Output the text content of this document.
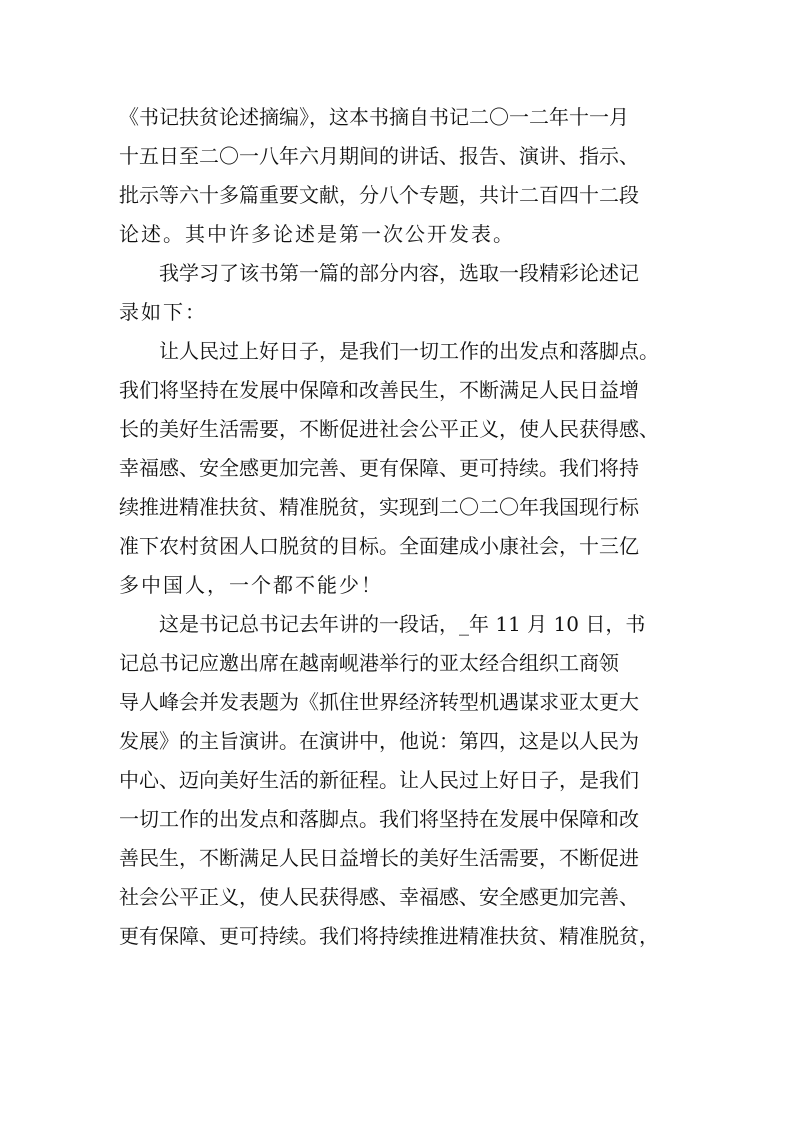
《书记扶贫论述摘编》，这本书摘自书记二〇一二年十一月
十五日至二〇一八年六月期间的讲话、报告、演讲、指示、
批示等六十多篇重要文献，分八个专题，共计二百四十二段
论述。其中许多论述是第一次公开发表。
我学习了该书第一篇的部分内容，选取一段精彩论述记
录如下：
让人民过上好日子，是我们一切工作的出发点和落脚点。
我们将坚持在发展中保障和改善民生，不断满足人民日益增
长的美好生活需要，不断促进社会公平正义，使人民获得感、
幸福感、安全感更加完善、更有保障、更可持续。我们将持
续推进精准扶贫、精准脱贫，实现到二〇二〇年我国现行标
准下农村贫困人口脱贫的目标。全面建成小康社会，十三亿
多中国人，一个都不能少！
这是书记总书记去年讲的一段话，_年 11 月 10 日，书
记总书记应邀出席在越南岘港举行的亚太经合组织工商领
导人峰会并发表题为《抓住世界经济转型机遇谋求亚太更大
发展》的主旨演讲。在演讲中，他说：第四，这是以人民为
中心、迈向美好生活的新征程。让人民过上好日子，是我们
一切工作的出发点和落脚点。我们将坚持在发展中保障和改
善民生，不断满足人民日益增长的美好生活需要，不断促进
社会公平正义，使人民获得感、幸福感、安全感更加完善、
更有保障、更可持续。我们将持续推进精准扶贫、精准脱贫，
